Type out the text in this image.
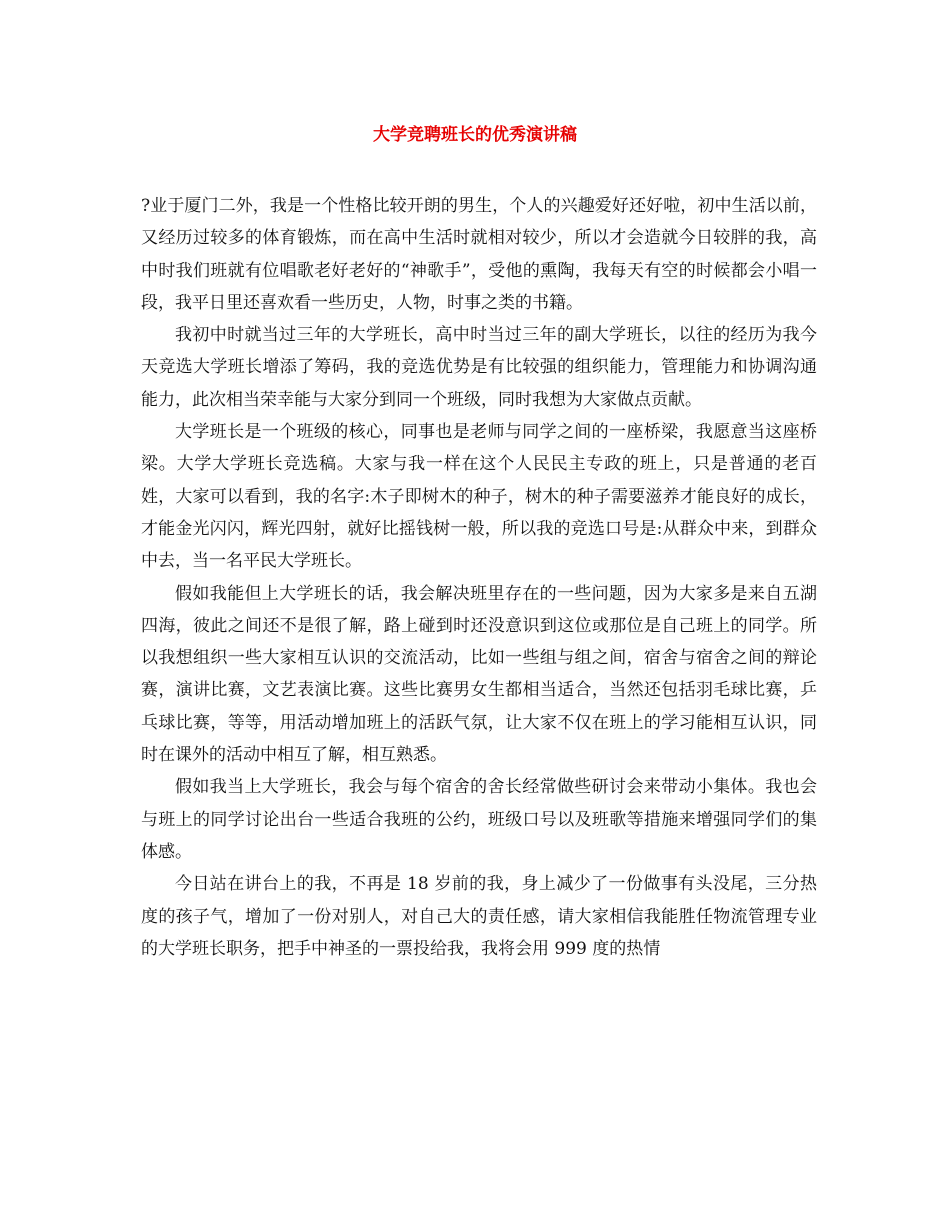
大学竞聘班长的优秀演讲稿

?业于厦门二外，我是一个性格比较开朗的男生，个人的兴趣爱好还好啦，初中生活以前，又经历过较多的体育锻炼，而在高中生活时就相对较少，所以才会造就今日较胖的我，高中时我们班就有位唱歌老好老好的“神歌手”，受他的熏陶，我每天有空的时候都会小唱一段，我平日里还喜欢看一些历史，人物，时事之类的书籍。

我初中时就当过三年的大学班长，高中时当过三年的副大学班长，以往的经历为我今天竞选大学班长增添了筹码，我的竞选优势是有比较强的组织能力，管理能力和协调沟通能力，此次相当荣幸能与大家分到同一个班级，同时我想为大家做点贡献。

大学班长是一个班级的核心，同事也是老师与同学之间的一座桥梁，我愿意当这座桥梁。大学大学班长竞选稿。大家与我一样在这个人民民主专政的班上，只是普通的老百姓，大家可以看到，我的名字:木子即树木的种子，树木的种子需要滋养才能良好的成长，才能金光闪闪，辉光四射，就好比摇钱树一般，所以我的竞选口号是:从群众中来，到群众中去，当一名平民大学班长。

假如我能但上大学班长的话，我会解决班里存在的一些问题，因为大家多是来自五湖四海，彼此之间还不是很了解，路上碰到时还没意识到这位或那位是自己班上的同学。所以我想组织一些大家相互认识的交流活动，比如一些组与组之间，宿舍与宿舍之间的辩论赛，演讲比赛，文艺表演比赛。这些比赛男女生都相当适合，当然还包括羽毛球比赛，乒乓球比赛，等等，用活动增加班上的活跃气氛，让大家不仅在班上的学习能相互认识，同时在课外的活动中相互了解，相互熟悉。

假如我当上大学班长，我会与每个宿舍的舍长经常做些研讨会来带动小集体。我也会与班上的同学讨论出台一些适合我班的公约，班级口号以及班歌等措施来增强同学们的集体感。

今日站在讲台上的我，不再是 18 岁前的我，身上减少了一份做事有头没尾，三分热度的孩子气，增加了一份对别人，对自己大的责任感，请大家相信我能胜任物流管理专业的大学班长职务，把手中神圣的一票投给我，我将会用 999 度的热情
